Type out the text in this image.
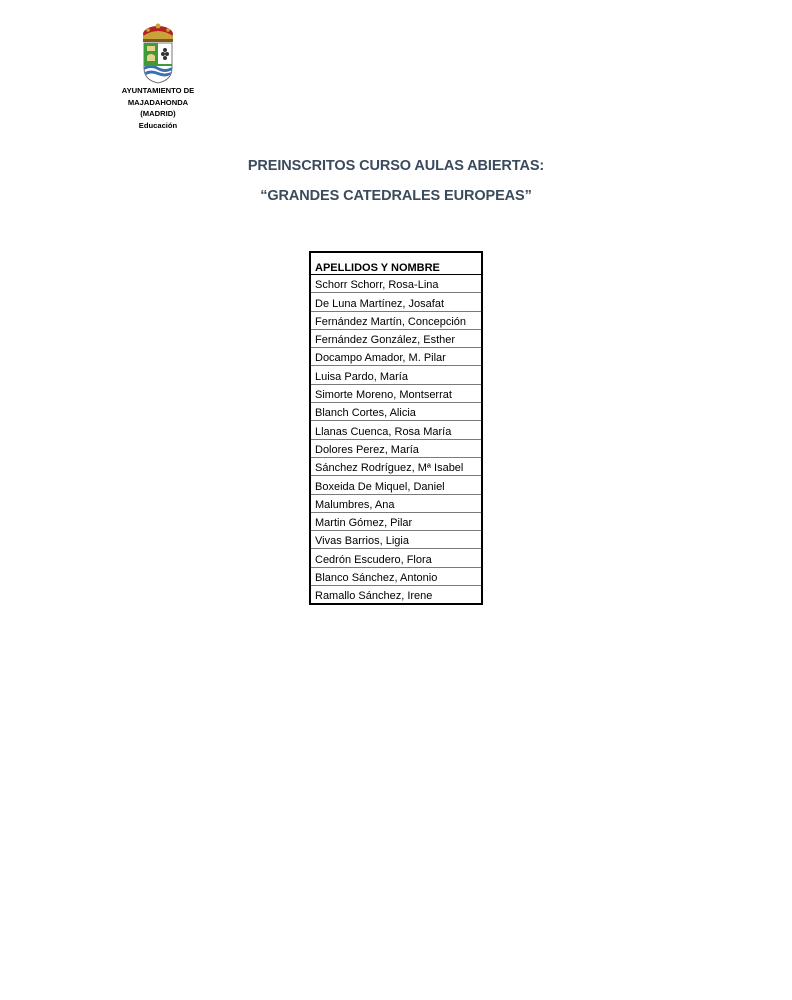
AYUNTAMIENTO DE

MAJADAHONDA

(MADRID)

Educación

PREINSCRITOS CURSO AULAS ABIERTAS:

“GRANDES CATEDRALES EUROPEAS”

APELLIDOS Y NOMBRE
Schorr Schorr, Rosa-Lina
De Luna Martínez, Josafat
Fernández Martín, Concepción
Fernández González, Esther
Docampo Amador, M. Pilar
Luisa Pardo, María
Simorte Moreno, Montserrat
Blanch Cortes, Alicia
Llanas Cuenca, Rosa María
Dolores Perez, María
Sánchez Rodríguez, Mª Isabel
Boxeida De Miquel, Daniel
Malumbres, Ana
Martin Gómez, Pilar
Vivas Barrios, Ligia
Cedrón Escudero, Flora
Blanco Sánchez, Antonio
Ramallo Sánchez, Irene
